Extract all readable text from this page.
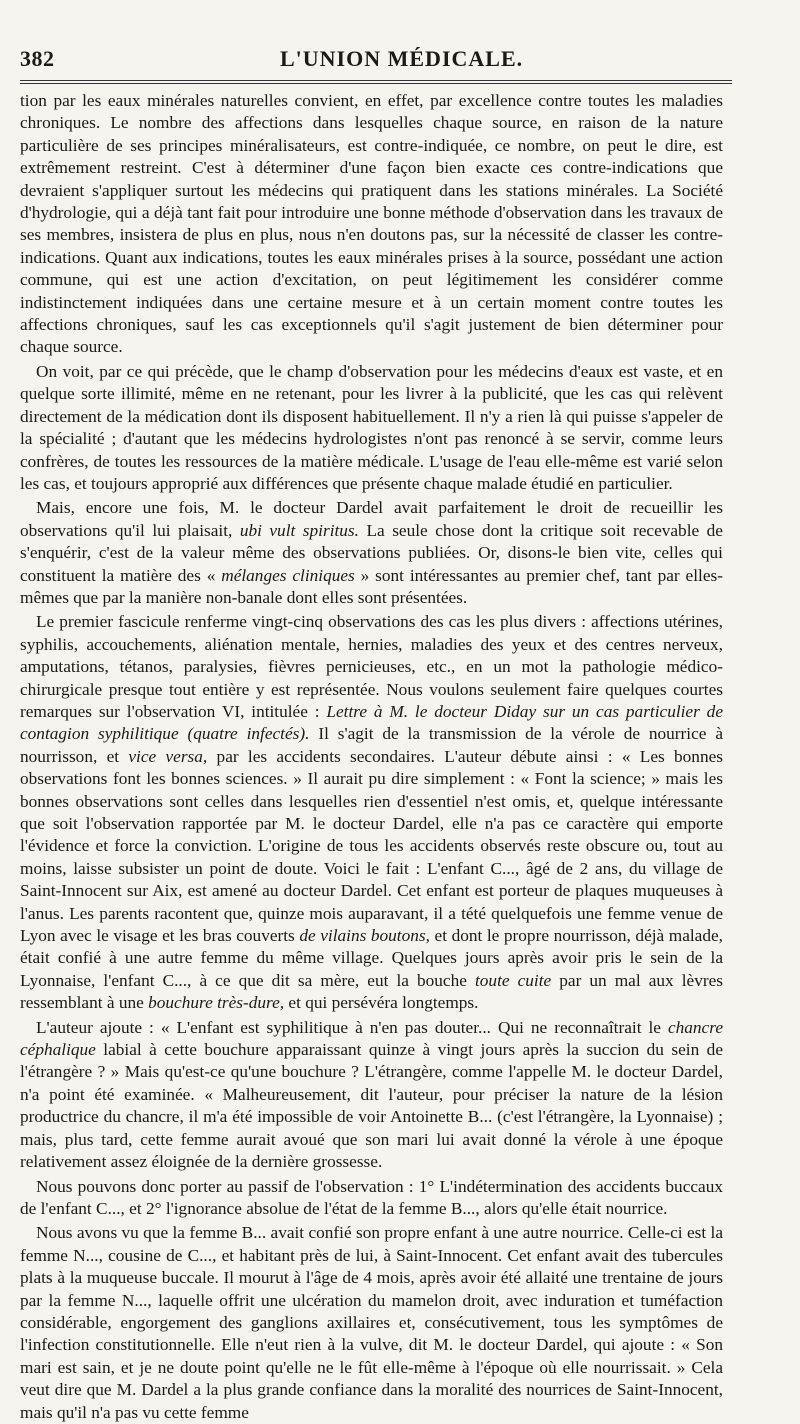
382	L'UNION MÉDICALE.

tion par les eaux minérales naturelles convient, en effet, par excellence contre toutes les maladies chroniques. Le nombre des affections dans lesquelles chaque source, en raison de la nature particulière de ses principes minéralisateurs, est contre-indiquée, ce nombre, on peut le dire, est extrêmement restreint. C'est à déterminer d'une façon bien exacte ces contre-indications que devraient s'appliquer surtout les médecins qui pratiquent dans les stations minérales. La Société d'hydrologie, qui a déjà tant fait pour introduire une bonne méthode d'observation dans les travaux de ses membres, insistera de plus en plus, nous n'en doutons pas, sur la nécessité de classer les contre-indications. Quant aux indications, toutes les eaux minérales prises à la source, possédant une action commune, qui est une action d'excitation, on peut légitimement les considérer comme indistinctement indiquées dans une certaine mesure et à un certain moment contre toutes les affections chroniques, sauf les cas exceptionnels qu'il s'agit justement de bien déterminer pour chaque source.

On voit, par ce qui précède, que le champ d'observation pour les médecins d'eaux est vaste, et en quelque sorte illimité, même en ne retenant, pour les livrer à la publicité, que les cas qui relèvent directement de la médication dont ils disposent habituellement. Il n'y a rien là qui puisse s'appeler de la spécialité ; d'autant que les médecins hydrologistes n'ont pas renoncé à se servir, comme leurs confrères, de toutes les ressources de la matière médicale. L'usage de l'eau elle-même est varié selon les cas, et toujours approprié aux différences que présente chaque malade étudié en particulier.

Mais, encore une fois, M. le docteur Dardel avait parfaitement le droit de recueillir les observations qu'il lui plaisait, ubi vult spiritus. La seule chose dont la critique soit recevable de s'enquérir, c'est de la valeur même des observations publiées. Or, disons-le bien vite, celles qui constituent la matière des « mélanges cliniques » sont intéressantes au premier chef, tant par elles-mêmes que par la manière non-banale dont elles sont présentées.

Le premier fascicule renferme vingt-cinq observations des cas les plus divers : affections utérines, syphilis, accouchements, aliénation mentale, hernies, maladies des yeux et des centres nerveux, amputations, tétanos, paralysies, fièvres pernicieuses, etc., en un mot la pathologie médico-chirurgicale presque tout entière y est représentée. Nous voulons seulement faire quelques courtes remarques sur l'observation VI, intitulée : Lettre à M. le docteur Diday sur un cas particulier de contagion syphilitique (quatre infectés). Il s'agit de la transmission de la vérole de nourrice à nourrisson, et vice versa, par les accidents secondaires. L'auteur débute ainsi : « Les bonnes observations font les bonnes sciences. » Il aurait pu dire simplement : « Font la science; » mais les bonnes observations sont celles dans lesquelles rien d'essentiel n'est omis, et, quelque intéressante que soit l'observation rapportée par M. le docteur Dardel, elle n'a pas ce caractère qui emporte l'évidence et force la conviction. L'origine de tous les accidents observés reste obscure ou, tout au moins, laisse subsister un point de doute. Voici le fait : L'enfant C..., âgé de 2 ans, du village de Saint-Innocent sur Aix, est amené au docteur Dardel. Cet enfant est porteur de plaques muqueuses à l'anus. Les parents racontent que, quinze mois auparavant, il a tété quelquefois une femme venue de Lyon avec le visage et les bras couverts de vilains boutons, et dont le propre nourrisson, déjà malade, était confié à une autre femme du même village. Quelques jours après avoir pris le sein de la Lyonnaise, l'enfant C..., à ce que dit sa mère, eut la bouche toute cuite par un mal aux lèvres ressemblant à une bouchure très-dure, et qui persévéra longtemps.

L'auteur ajoute : « L'enfant est syphilitique à n'en pas douter... Qui ne reconnaîtrait le chancre céphalique labial à cette bouchure apparaissant quinze à vingt jours après la succion du sein de l'étrangère ? » Mais qu'est-ce qu'une bouchure ? L'étrangère, comme l'appelle M. le docteur Dardel, n'a point été examinée. « Malheureusement, dit l'auteur, pour préciser la nature de la lésion productrice du chancre, il m'a été impossible de voir Antoinette B... (c'est l'étrangère, la Lyonnaise) ; mais, plus tard, cette femme aurait avoué que son mari lui avait donné la vérole à une époque relativement assez éloignée de la dernière grossesse.

Nous pouvons donc porter au passif de l'observation : 1° L'indétermination des accidents buccaux de l'enfant C..., et 2° l'ignorance absolue de l'état de la femme B..., alors qu'elle était nourrice.

Nous avons vu que la femme B... avait confié son propre enfant à une autre nourrice. Celle-ci est la femme N..., cousine de C..., et habitant près de lui, à Saint-Innocent. Cet enfant avait des tubercules plats à la muqueuse buccale. Il mourut à l'âge de 4 mois, après avoir été allaité une trentaine de jours par la femme N..., laquelle offrit une ulcération du mamelon droit, avec induration et tuméfaction considérable, engorgement des ganglions axillaires et, consécutivement, tous les symptômes de l'infection constitutionnelle. Elle n'eut rien à la vulve, dit M. le docteur Dardel, qui ajoute : « Son mari est sain, et je ne doute point qu'elle ne le fût elle-même à l'époque où elle nourrissait. » Cela veut dire que M. Dardel a la plus grande confiance dans la moralité des nourrices de Saint-Innocent, mais qu'il n'a pas vu cette femme
